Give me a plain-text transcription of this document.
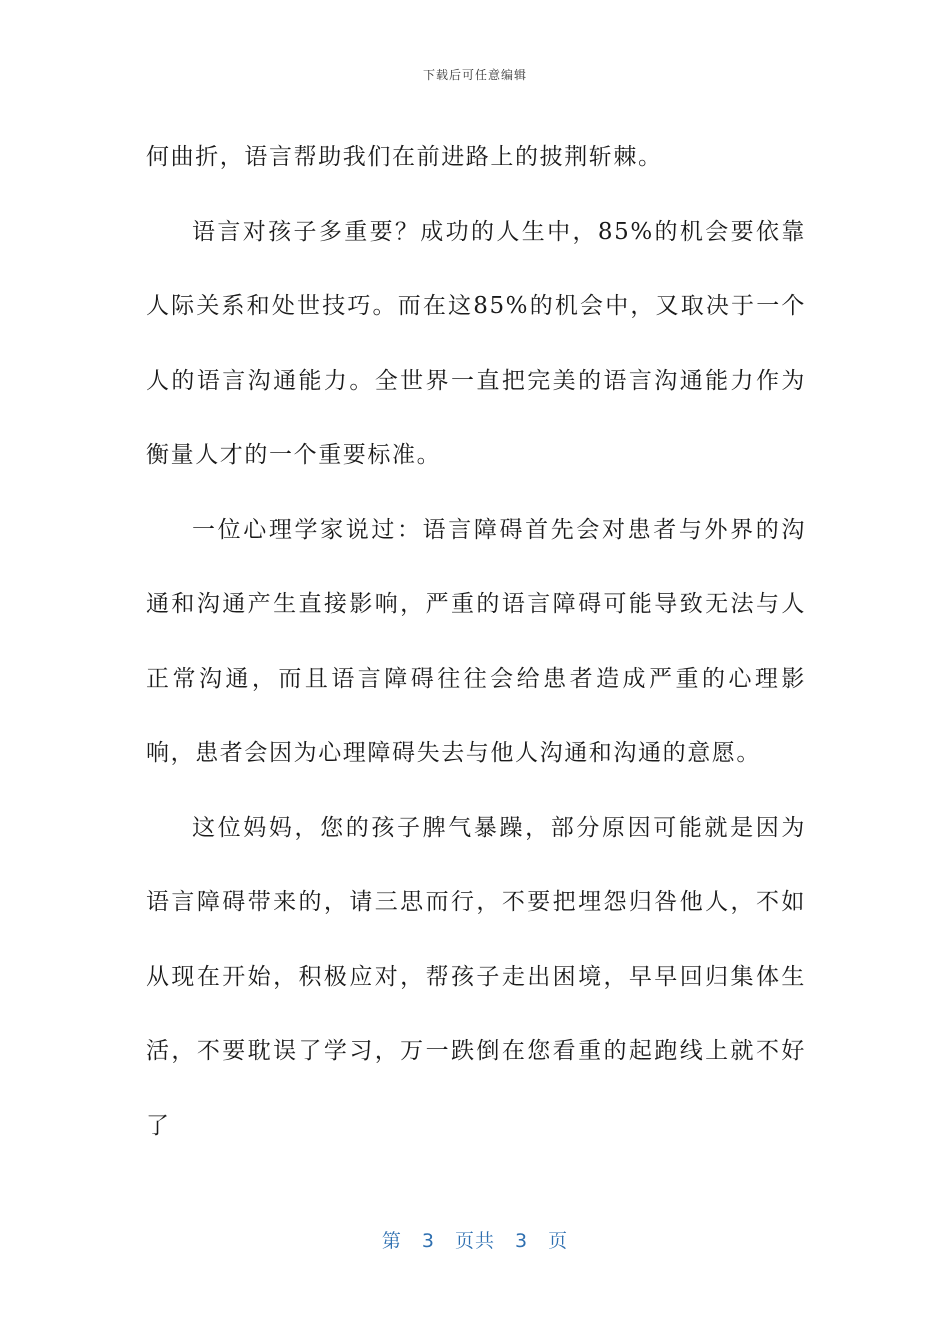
下载后可任意编辑

何曲折，语言帮助我们在前进路上的披荆斩棘。

语言对孩子多重要？成功的人生中，85%的机会要依靠人际关系和处世技巧。而在这85%的机会中，又取决于一个人的语言沟通能力。全世界一直把完美的语言沟通能力作为衡量人才的一个重要标准。

一位心理学家说过：语言障碍首先会对患者与外界的沟通和沟通产生直接影响，严重的语言障碍可能导致无法与人正常沟通，而且语言障碍往往会给患者造成严重的心理影响，患者会因为心理障碍失去与他人沟通和沟通的意愿。

这位妈妈，您的孩子脾气暴躁，部分原因可能就是因为语言障碍带来的，请三思而行，不要把埋怨归咎他人，不如从现在开始，积极应对，帮孩子走出困境，早早回归集体生活，不要耽误了学习，万一跌倒在您看重的起跑线上就不好了

第 3 页共 3 页
